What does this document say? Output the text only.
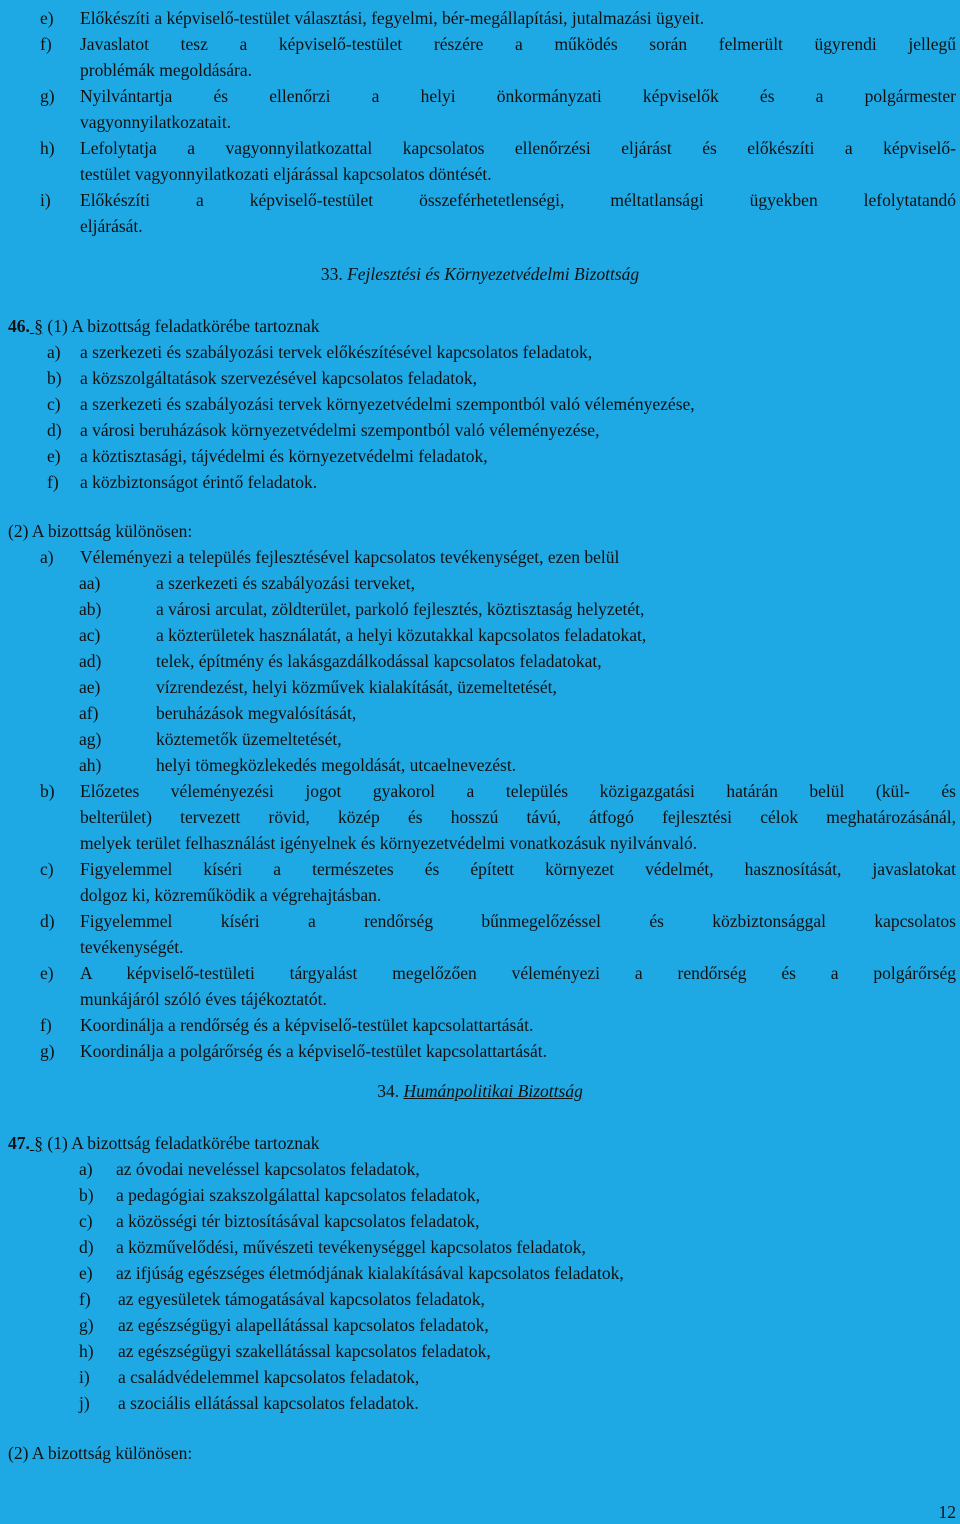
e) Előkészíti a képviselő-testület választási, fegyelmi, bér-megállapítási, jutalmazási ügyeit.
f) Javaslatot tesz a képviselő-testület részére a működés során felmerült ügyrendi jellegű
problémák megoldására.
g) Nyilvántartja és ellenőrzi a helyi önkormányzati képviselők és a polgármester
vagyonnyilatkozatait.
h) Lefolytatja a vagyonnyilatkozattal kapcsolatos ellenőrzési eljárást és előkészíti a képviselő-
testület vagyonnyilatkozati eljárással kapcsolatos döntését.
i) Előkészíti a képviselő-testület összeférhetetlenségi, méltatlansági ügyekben lefolytatandó
eljárását.
33. Fejlesztési és Környezetvédelmi Bizottság
46. § (1) A bizottság feladatkörébe tartoznak
a) a szerkezeti és szabályozási tervek előkészítésével kapcsolatos feladatok,
b) a közszolgáltatások szervezésével kapcsolatos feladatok,
c) a szerkezeti és szabályozási tervek környezetvédelmi szempontból való véleményezése,
d) a városi beruházások környezetvédelmi szempontból való véleményezése,
e) a köztisztasági, tájvédelmi és környezetvédelmi feladatok,
f) a közbiztonságot érintő feladatok.
(2) A bizottság különösen:
a) Véleményezi a település fejlesztésével kapcsolatos tevékenységet, ezen belül
aa)	a szerkezeti és szabályozási terveket,
ab)	a városi arculat, zöldterület, parkoló fejlesztés, köztisztaság helyzetét,
ac)	a közterületek használatát, a helyi közutakkal kapcsolatos feladatokat,
ad)	telek, építmény és lakásgazdálkodással kapcsolatos feladatokat,
ae)	vízrendezést, helyi közművek kialakítását, üzemeltetését,
af)	beruházások megvalósítását,
ag)	köztemetők üzemeltetését,
ah)	helyi tömegközlekedés megoldását, utcaelnevezést.
b) Előzetes véleményezési jogot gyakorol a település közigazgatási határán belül (kül- és
belterület) tervezett rövid, közép és hosszú távú, átfogó fejlesztési célok meghatározásánál,
melyek terület felhasználást igényelnek és környezetvédelmi vonatkozásuk nyilvánvaló.
c) Figyelemmel kíséri a természetes és épített környezet védelmét, hasznosítását, javaslatokat
dolgoz ki, közreműködik a végrehajtásban.
d) Figyelemmel kíséri a rendőrség bűnmegelőzéssel és közbiztonsággal kapcsolatos
tevékenységét.
e) A képviselő-testületi tárgyalást megelőzően véleményezi a rendőrség és a polgárőrség
munkájáról szóló éves tájékoztatót.
f) Koordinálja a rendőrség és a képviselő-testület kapcsolattartását.
g) Koordinálja a polgárőrség és a képviselő-testület kapcsolattartását.
34. Humánpolitikai Bizottság
47. § (1) A bizottság feladatkörébe tartoznak
a) az óvodai neveléssel kapcsolatos feladatok,
b) a pedagógiai szakszolgálattal kapcsolatos feladatok,
c) a közösségi tér biztosításával kapcsolatos feladatok,
d) a közművelődési, művészeti tevékenységgel kapcsolatos feladatok,
e) az ifjúság egészséges életmódjának kialakításával kapcsolatos feladatok,
f) az egyesületek támogatásával kapcsolatos feladatok,
g) az egészségügyi alapellátással kapcsolatos feladatok,
h) az egészségügyi szakellátással kapcsolatos feladatok,
i) a családvédelemmel kapcsolatos feladatok,
j) a szociális ellátással kapcsolatos feladatok.
(2) A bizottság különösen:
12
